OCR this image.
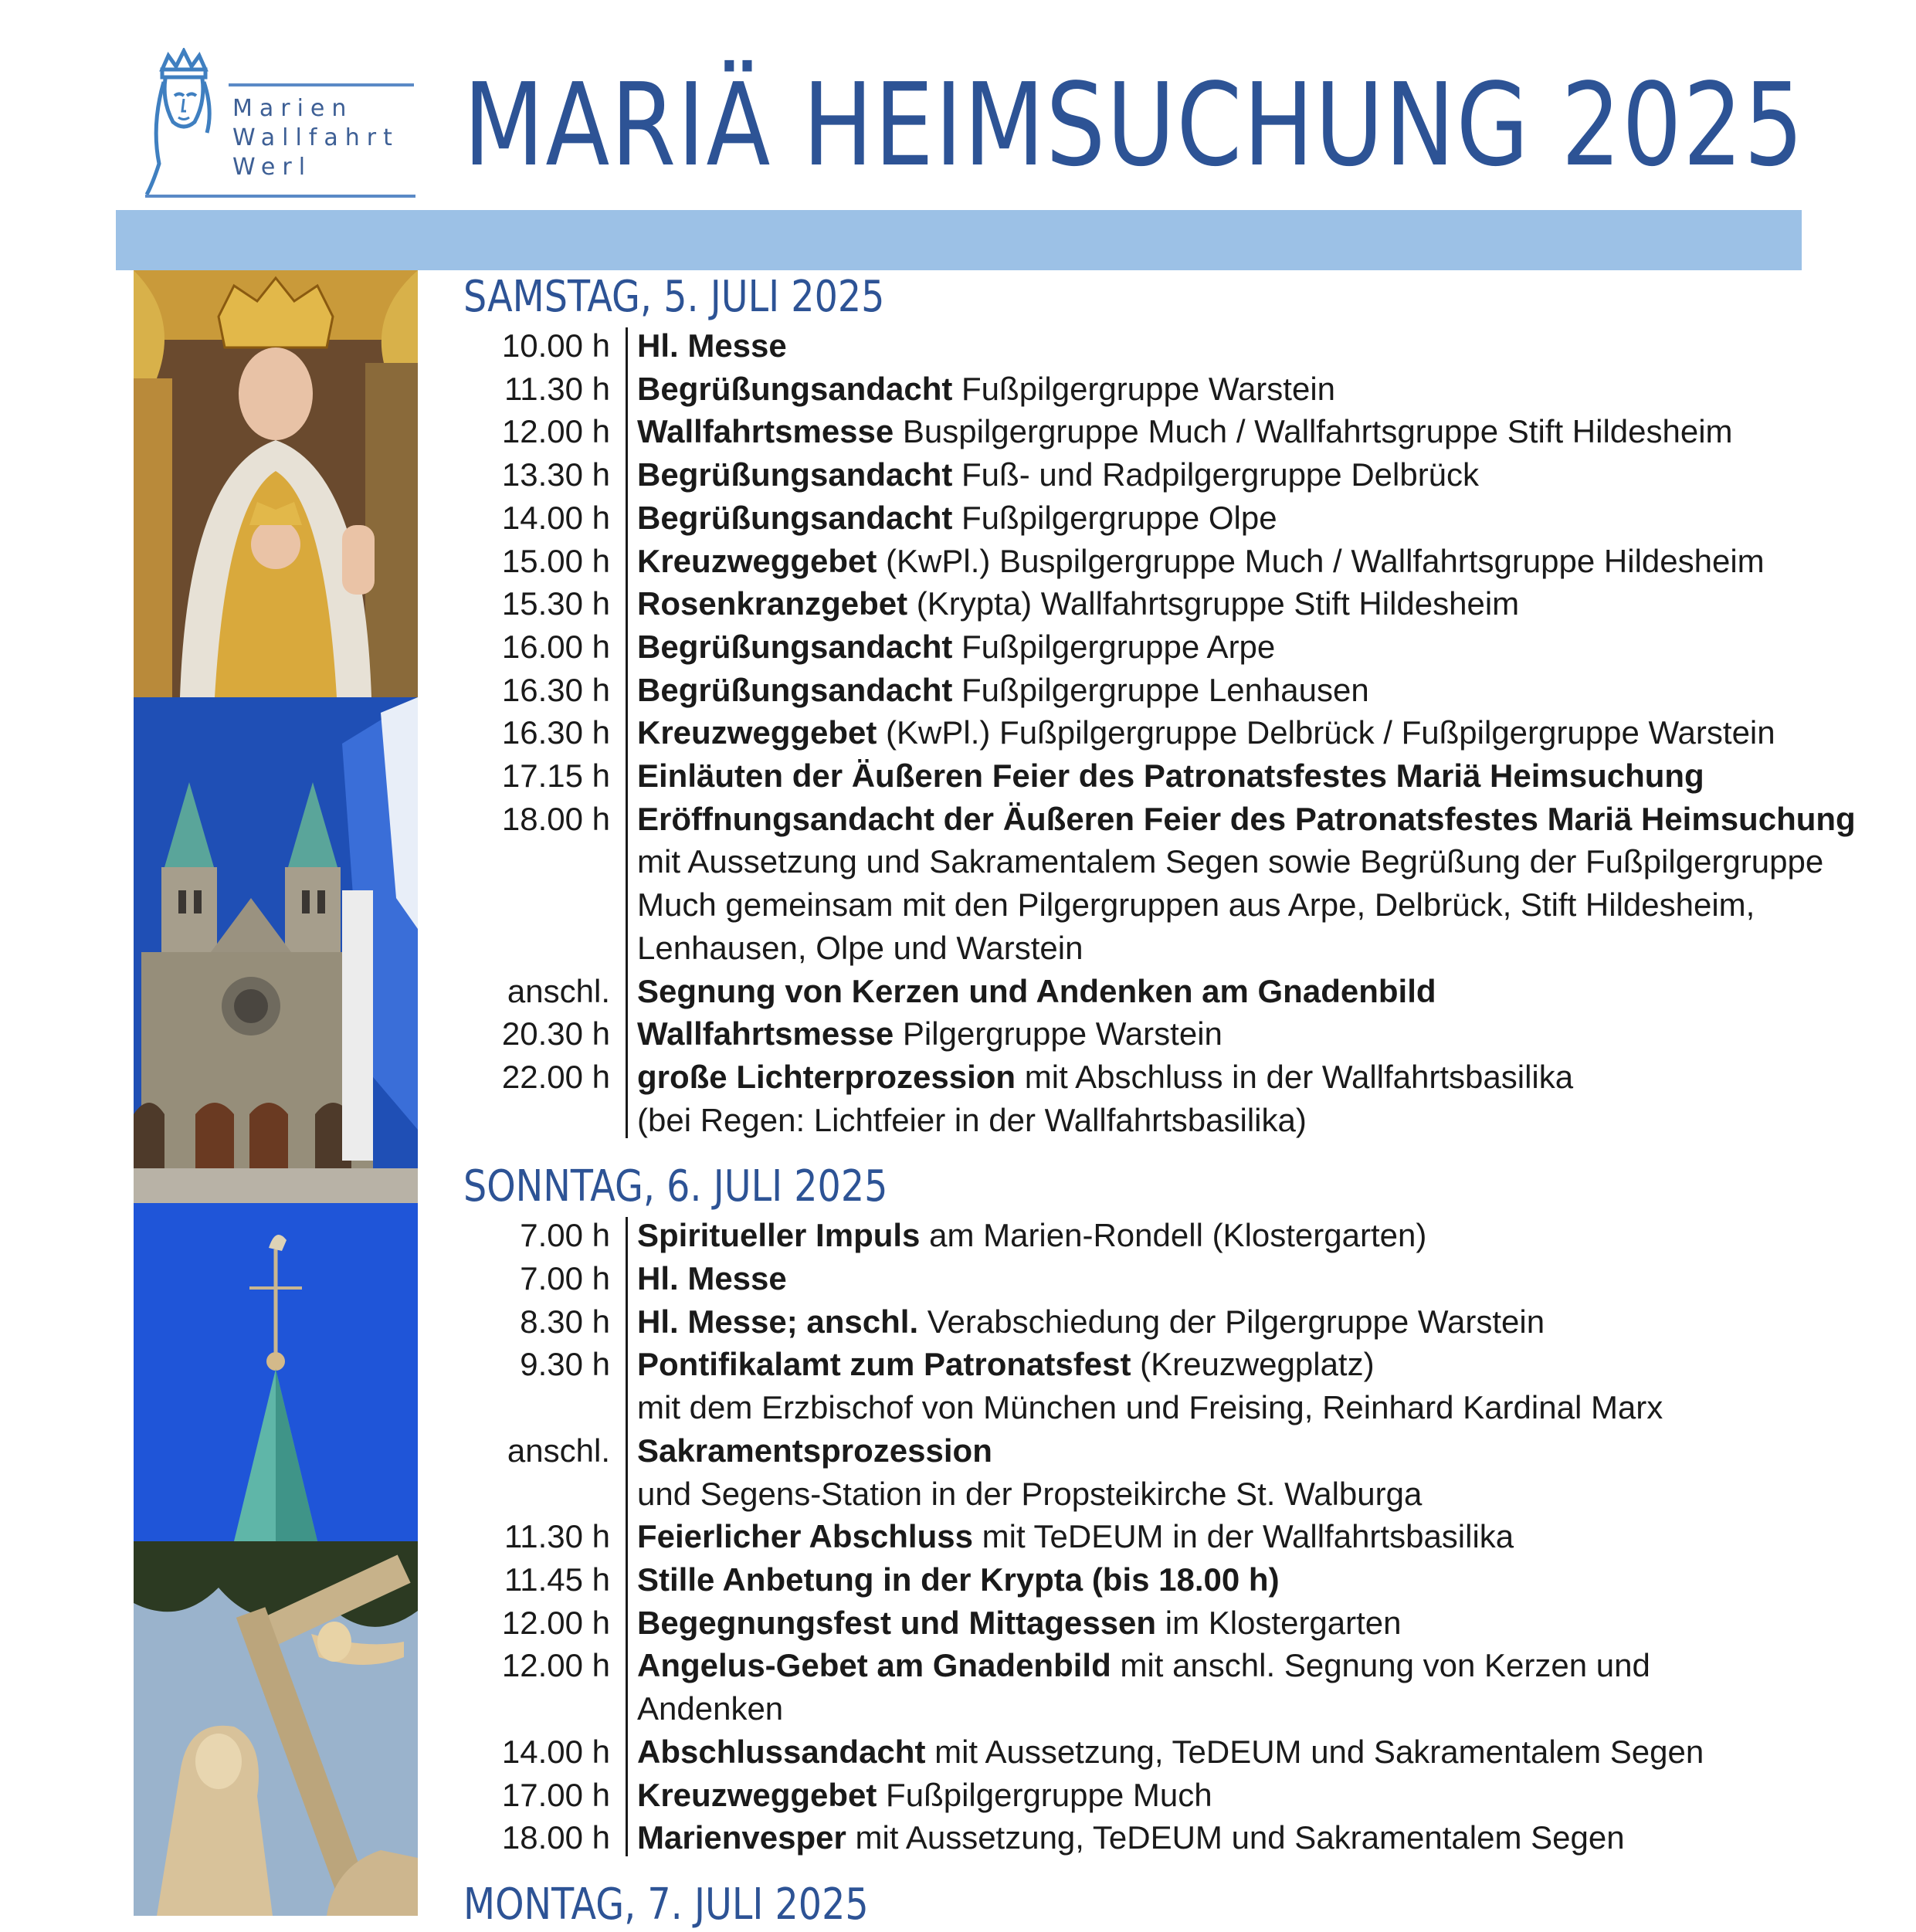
Marien
Wallfahrt
Werl	MARIÄ HEIMSUCHUNG 2025
SAMSTAG, 5. JULI 2025
10.00 h Hl. Messe
11.30 h Begrüßungsandacht Fußpilgergruppe Warstein
12.00 h Wallfahrtsmesse Buspilgergruppe Much / Wallfahrtsgruppe Stift Hildesheim
13.30 h Begrüßungsandacht Fuß- und Radpilgergruppe Delbrück
14.00 h Begrüßungsandacht Fußpilgergruppe Olpe
15.00 h Kreuzweggebet (KwPl.) Buspilgergruppe Much / Wallfahrtsgruppe Hildesheim
15.30 h Rosenkranzgebet (Krypta) Wallfahrtsgruppe Stift Hildesheim
16.00 h Begrüßungsandacht Fußpilgergruppe Arpe
16.30 h Begrüßungsandacht Fußpilgergruppe Lenhausen
16.30 h Kreuzweggebet (KwPl.) Fußpilgergruppe Delbrück / Fußpilgergruppe Warstein
17.15 h Einläuten der Äußeren Feier des Patronatsfestes Mariä Heimsuchung
18.00 h Eröffnungsandacht der Äußeren Feier des Patronatsfestes Mariä Heimsuchung
mit Aussetzung und Sakramentalem Segen sowie Begrüßung der Fußpilgergruppe
Much gemeinsam mit den Pilgergruppen aus Arpe, Delbrück, Stift Hildesheim,
Lenhausen, Olpe und Warstein
anschl. Segnung von Kerzen und Andenken am Gnadenbild
20.30 h Wallfahrtsmesse Pilgergruppe Warstein
22.00 h große Lichterprozession mit Abschluss in der Wallfahrtsbasilika
(bei Regen: Lichtfeier in der Wallfahrtsbasilika)
SONNTAG, 6. JULI 2025
7.00 h Spiritueller Impuls am Marien-Rondell (Klostergarten)
7.00 h Hl. Messe
8.30 h Hl. Messe; anschl. Verabschiedung der Pilgergruppe Warstein
9.30 h Pontifikalamt zum Patronatsfest (Kreuzwegplatz)
mit dem Erzbischof von München und Freising, Reinhard Kardinal Marx
anschl. Sakramentsprozession
und Segens-Station in der Propsteikirche St. Walburga
11.30 h Feierlicher Abschluss mit TeDEUM in der Wallfahrtsbasilika
11.45 h Stille Anbetung in der Krypta (bis 18.00 h)
12.00 h Begegnungsfest und Mittagessen im Klostergarten
12.00 h Angelus-Gebet am Gnadenbild mit anschl. Segnung von Kerzen und
Andenken
14.00 h Abschlussandacht mit Aussetzung, TeDEUM und Sakramentalem Segen
17.00 h Kreuzweggebet Fußpilgergruppe Much
18.00 h Marienvesper mit Aussetzung, TeDEUM und Sakramentalem Segen
MONTAG, 7. JULI 2025
